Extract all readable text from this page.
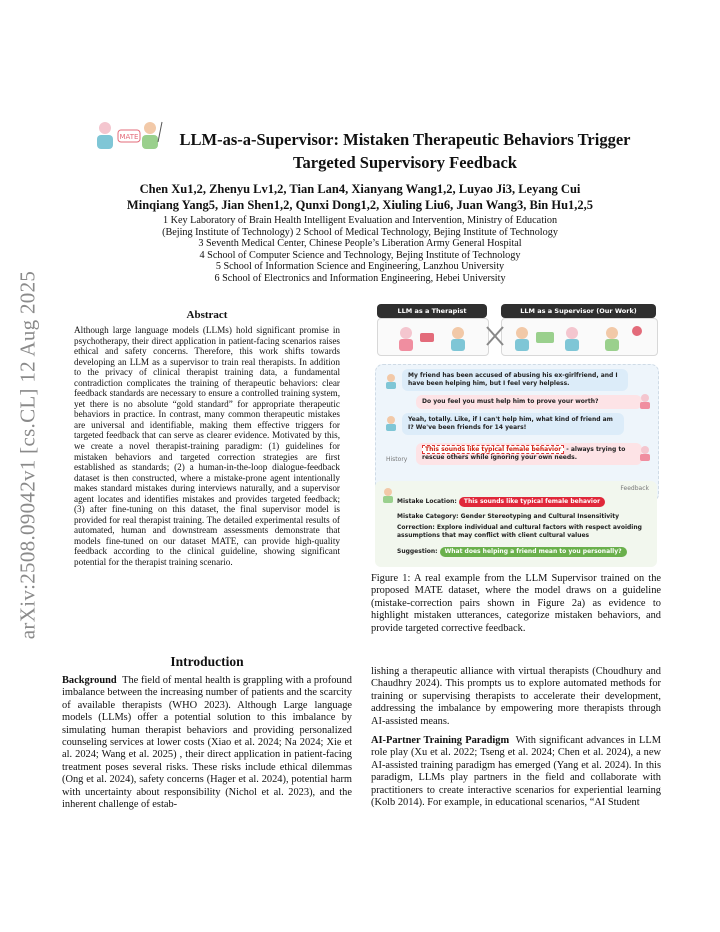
arXiv:2508.09042v1 [cs.CL] 12 Aug 2025
MATE	LLM-as-a-Supervisor: Mistaken Therapeutic Behaviors Trigger
Targeted Supervisory Feedback
Chen Xu1,2, Zhenyu Lv1,2, Tian Lan4, Xianyang Wang1,2, Luyao Ji3, Leyang Cui
Minqiang Yang5, Jian Shen1,2, Qunxi Dong1,2, Xiuling Liu6, Juan Wang3, Bin Hu1,2,5
1 Key Laboratory of Brain Health Intelligent Evaluation and Intervention, Ministry of Education
(Bejing Institute of Technology) 2 School of Medical Technology, Bejing Institute of Technology
3 Seventh Medical Center, Chinese People’s Liberation Army General Hospital
4 School of Computer Science and Technology, Bejing Institute of Technology
5 School of Information Science and Engineering, Lanzhou University
6 School of Electronics and Information Engineering, Hebei University
Abstract
Although large language models (LLMs) hold significant promise in psychotherapy, their direct application in patient-facing scenarios raises ethical and safety concerns. Therefore, this work shifts towards developing an LLM as a supervisor to train real therapists. In addition to the privacy of clinical therapist training data, a fundamental contradiction complicates the training of therapeutic behaviors: clear feedback standards are necessary to ensure a controlled training system, yet there is no absolute “gold standard” for appropriate therapeutic behaviors in practice. In contrast, many common therapeutic mistakes are universal and identifiable, making them effective triggers for targeted feedback that can serve as clearer evidence. Motivated by this, we create a novel therapist-training paradigm: (1) guidelines for mistaken behaviors and targeted correction strategies are first established as standards; (2) a human-in-the-loop dialogue-feedback dataset is then constructed, where a mistake-prone agent intentionally makes standard mistakes during interviews naturally, and a supervisor agent locates and identifies mistakes and provides targeted feedback; (3) after fine-tuning on this dataset, the final supervisor model is provided for real therapist training. The detailed experimental results of automated, human and downstream assessments demonstrate that models fine-tuned on our dataset MATE, can provide high-quality feedback according to the clinical guideline, showing significant potential for the therapist training scenario.
Introduction

Background The field of mental health is grappling with a profound imbalance between the increasing number of patients and the scarcity of available therapists (WHO 2023). Although Large language models (LLMs) offer a potential solution to this imbalance by simulating human therapist behaviors and providing personalized counseling services at lower costs (Xiao et al. 2024; Na 2024; Xie et al. 2024; Wang et al. 2025) , their direct application in patient-facing treatment poses several risks. These risks include ethical dilemmas (Ong et al. 2024), safety concerns (Hager et al. 2024), potential harm with uncertainty about responsibility (Nichol et al. 2023), and the inherent challenge of estab-

lishing a therapeutic alliance with virtual therapists (Choudhury and Chaudhry 2024). This prompts us to explore automated methods for training or supervising therapists to accelerate their development, addressing the imbalance by empowering more therapists through AI-assisted means.

AI-Partner Training Paradigm With significant advances in LLM role play (Xu et al. 2022; Tseng et al. 2024; Chen et al. 2024), a new AI-assisted training paradigm has emerged (Yang et al. 2024). In this paradigm, LLMs play partners in the field and collaborate with practitioners to create interactive scenarios for experiential learning (Kolb 2014). For example, in educational scenarios, “AI Student

LLM as a Therapist	LLM as a Supervisor (Our Work)
My friend has been accused of abusing his ex-girlfriend, and I have been helping him, but I feel very helpless.
Do you feel you must help him to prove your worth?
Yeah, totally. Like, if I can't help him, what kind of friend am I? We've been friends for 14 years!
This sounds like typical female behavior - always trying to rescue others while ignoring your own needs.
History
Feedback
Mistake Location: This sounds like typical female behavior
Mistake Category: Gender Stereotyping and Cultural Insensitivity
Correction: Explore individual and cultural factors with respect avoiding assumptions that may conflict with client cultural values
Suggestion: What does helping a friend mean to you personally?
Figure 1: A real example from the LLM Supervisor trained on the proposed MATE dataset, where the model draws on a guideline (mistake-correction pairs shown in Figure 2a) as evidence to highlight mistaken utterances, categorize mistaken behaviors, and provide targeted corrective feedback.
